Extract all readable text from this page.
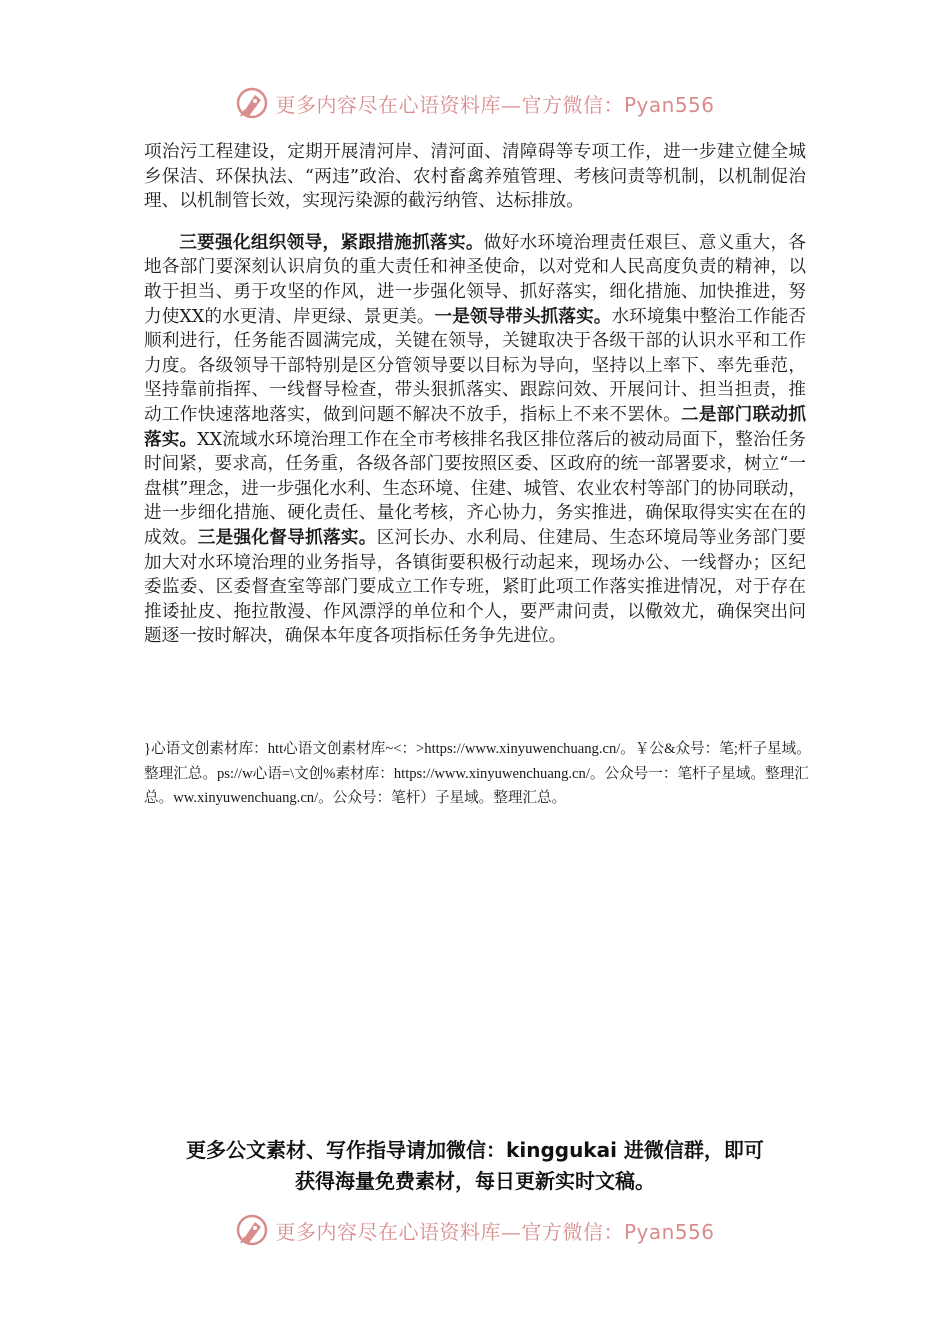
更多内容尽在心语资料库—官方微信：Pyan556

项治污工程建设，定期开展清河岸、清河面、清障碍等专项工作，进一步建立健全城乡保洁、环保执法、“两违”政治、农村畜禽养殖管理、考核问责等机制，以机制促治理、以机制管长效，实现污染源的截污纳管、达标排放。

三要强化组织领导，紧跟措施抓落实。做好水环境治理责任艰巨、意义重大，各地各部门要深刻认识肩负的重大责任和神圣使命，以对党和人民高度负责的精神，以敢于担当、勇于攻坚的作风，进一步强化领导、抓好落实，细化措施、加快推进，努力使XX的水更清、岸更绿、景更美。一是领导带头抓落实。水环境集中整治工作能否顺利进行，任务能否圆满完成，关键在领导，关键取决于各级干部的认识水平和工作力度。各级领导干部特别是区分管领导要以目标为导向，坚持以上率下、率先垂范，坚持靠前指挥、一线督导检查，带头狠抓落实、跟踪问效、开展问计、担当担责，推动工作快速落地落实，做到问题不解决不放手，指标上不来不罢休。二是部门联动抓落实。XX流域水环境治理工作在全市考核排名我区排位落后的被动局面下，整治任务时间紧，要求高，任务重，各级各部门要按照区委、区政府的统一部署要求，树立“一盘棋”理念，进一步强化水利、生态环境、住建、城管、农业农村等部门的协同联动，进一步细化措施、硬化责任、量化考核，齐心协力，务实推进，确保取得实实在在的成效。三是强化督导抓落实。区河长办、水利局、住建局、生态环境局等业务部门要加大对水环境治理的业务指导，各镇街要积极行动起来，现场办公、一线督办；区纪委监委、区委督查室等部门要成立工作专班，紧盯此项工作落实推进情况，对于存在推诿扯皮、拖拉散漫、作风漂浮的单位和个人，要严肃问责，以儆效尤，确保突出问题逐一按时解决，确保本年度各项指标任务争先进位。

}心语文创素材库：htt心语文创素材库~<：>https://www.xinyuwenchuang.cn/。￥公&众号：笔;杆子星域。整理汇总。ps://w心语=\文创%素材库：https://www.xinyuwenchuang.cn/。公众号一：笔杆子星域。整理汇总。ww.xinyuwenchuang.cn/。公众号：笔杆）子星域。整理汇总。
更多公文素材、写作指导请加微信：kinggukai 进微信群，即可
获得海量免费素材，每日更新实时文稿。
更多内容尽在心语资料库—官方微信：Pyan556
